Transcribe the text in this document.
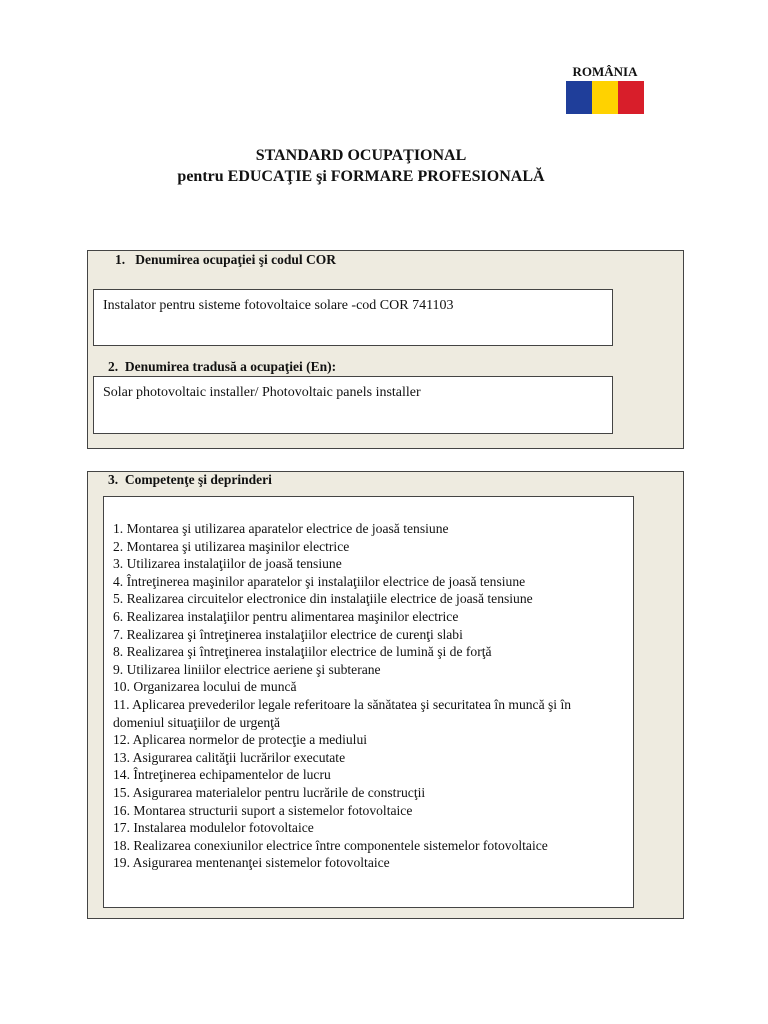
ROMÂNIA
STANDARD OCUPAŢIONAL
pentru EDUCAŢIE şi FORMARE PROFESIONALĂ
1. Denumirea ocupaţiei şi codul COR
Instalator pentru sisteme fotovoltaice solare -cod COR 741103
2. Denumirea tradusă a ocupaţiei (En):
Solar photovoltaic installer/ Photovoltaic panels installer
3. Competenţe şi deprinderi
1. Montarea şi utilizarea aparatelor electrice de joasă tensiune
2. Montarea şi utilizarea maşinilor electrice
3. Utilizarea instalaţiilor de joasă tensiune
4. Întreţinerea maşinilor aparatelor şi instalaţiilor electrice de joasă tensiune
5. Realizarea circuitelor electronice din instalaţiile electrice de joasă tensiune
6. Realizarea instalaţiilor pentru alimentarea maşinilor electrice
7. Realizarea şi întreţinerea instalaţiilor electrice de curenţi slabi
8. Realizarea şi întreţinerea instalaţiilor electrice de lumină şi de forţă
9. Utilizarea liniilor electrice aeriene şi subterane
10. Organizarea locului de muncă
11. Aplicarea prevederilor legale referitoare la sănătatea şi securitatea în muncă şi în domeniul situaţiilor de urgenţă
12. Aplicarea normelor de protecţie a mediului
13. Asigurarea calităţii lucrărilor executate
14. Întreţinerea echipamentelor de lucru
15. Asigurarea materialelor pentru lucrările de construcţii
16. Montarea structurii suport a sistemelor fotovoltaice
17. Instalarea modulelor fotovoltaice
18. Realizarea conexiunilor electrice între componentele sistemelor fotovoltaice
19. Asigurarea mentenanţei sistemelor fotovoltaice
